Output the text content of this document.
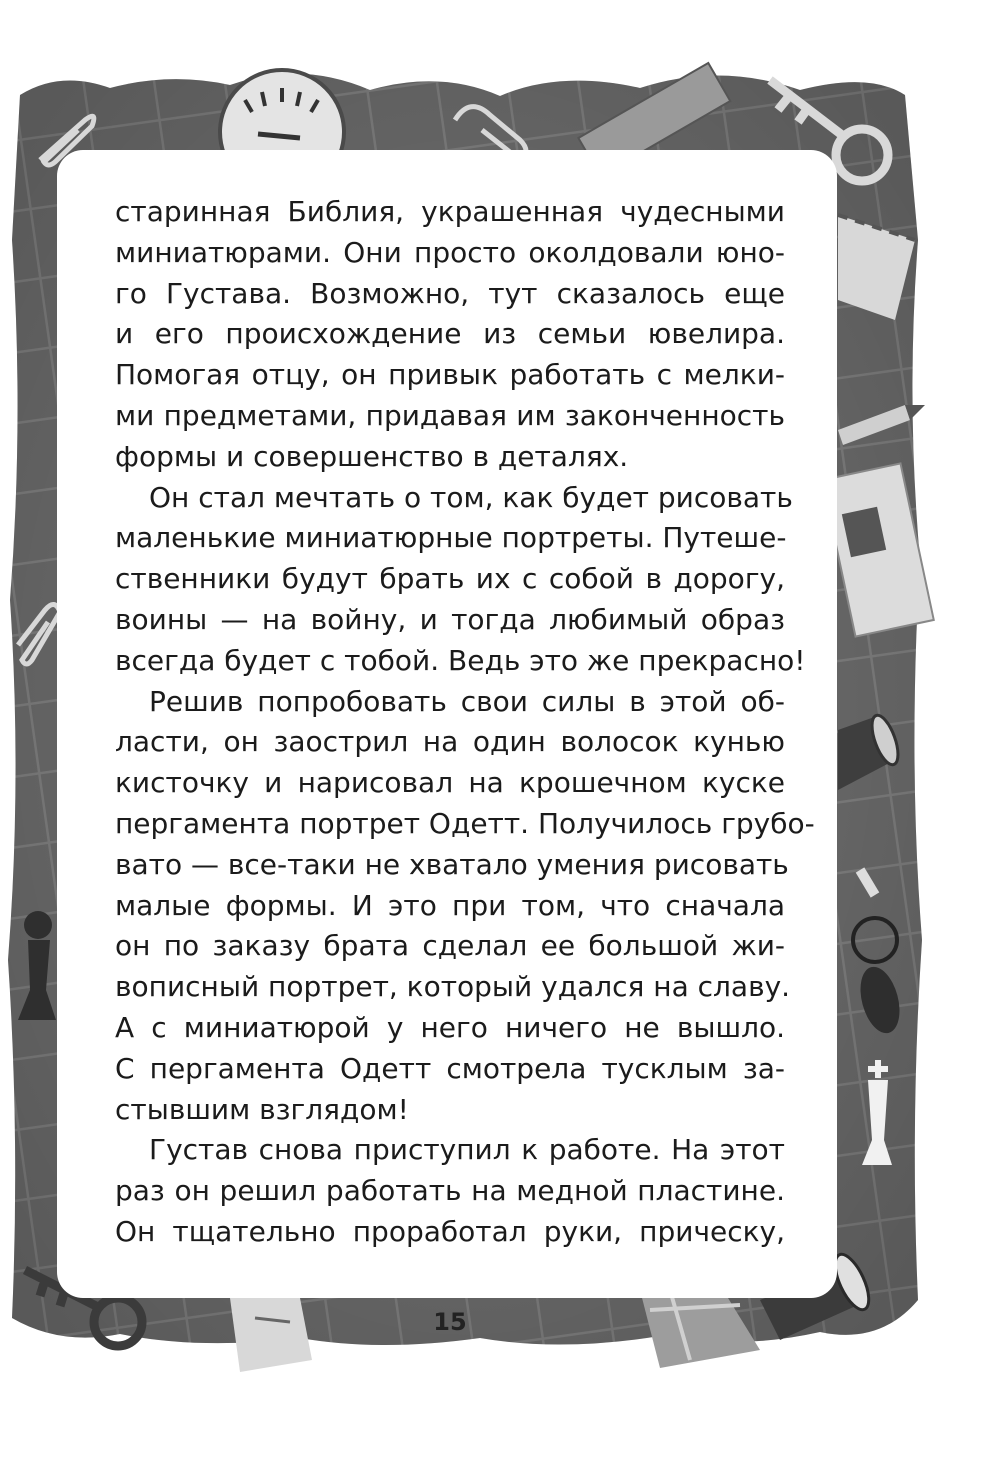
старинная Библия, украшенная чудесными
миниатюрами. Они просто околдовали юно-
го Густава. Возможно, тут сказалось еще
и его происхождение из семьи ювелира.
Помогая отцу, он привык работать с мелки-
ми предметами, придавая им законченность
формы и совершенство в деталях.
Он стал мечтать о том, как будет рисовать
маленькие миниатюрные портреты. Путеше-
ственники будут брать их с собой в дорогу,
воины — на войну, и тогда любимый образ
всегда будет с тобой. Ведь это же прекрасно!
Решив попробовать свои силы в этой об-
ласти, он заострил на один волосок кунью
кисточку и нарисовал на крошечном куске
пергамента портрет Одетт. Получилось грубо-
вато — все-таки не хватало умения рисовать
малые формы. И это при том, что сначала
он по заказу брата сделал ее большой жи-
вописный портрет, который удался на славу.
А с миниатюрой у него ничего не вышло.
С пергамента Одетт смотрела тусклым за-
стывшим взглядом!
Густав снова приступил к работе. На этот
раз он решил работать на медной пластине.
Он тщательно проработал руки, прическу,
15
